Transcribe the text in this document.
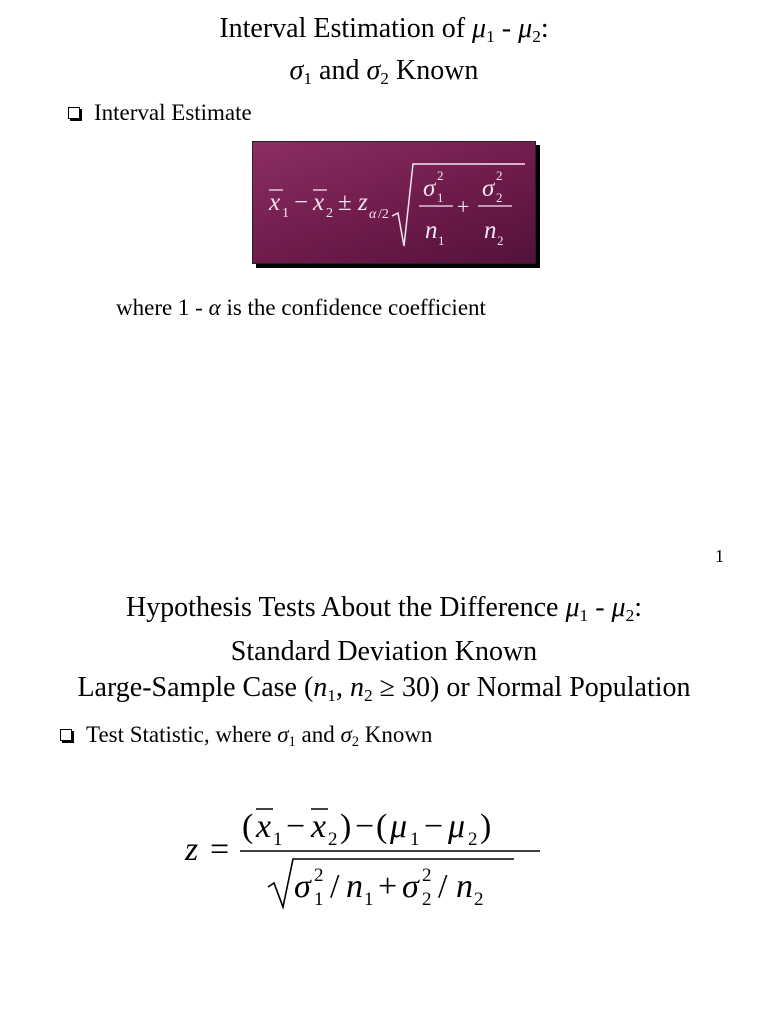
Interval Estimation of $\mu_1 - \mu_2$:
$\sigma_1$ and $\sigma_2$ Known
Interval Estimate
x 1 − x 2 ± z α /2
σ 2
1
n 1
+
σ 2
2
n 2
where 1 - α is the confidence coefficient
1
Hypothesis Tests About the Difference $\mu_1 - \mu_2$:
Standard Deviation Known
Large-Sample Case ($n_1$, $n_2 \ge 30$) or Normal Population
Test Statistic, where $\sigma_1$ and $\sigma_2$ Known
z =
( x 1 − x 2 ) − ( μ 1 − μ 2 )
σ 2
1 / n 1 + σ 2
2 / n 2
